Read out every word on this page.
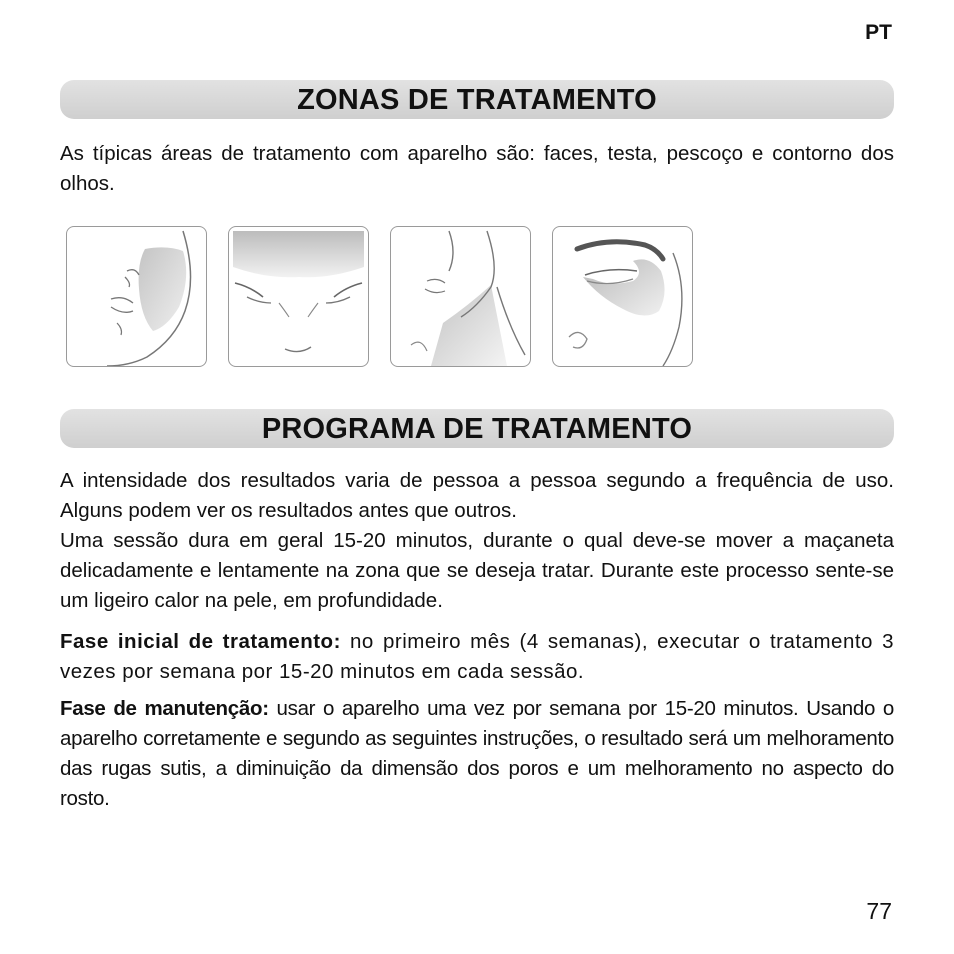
PT
ZONAS DE TRATAMENTO

As típicas áreas de tratamento com aparelho são: faces, testa, pescoço e contorno dos olhos.

PROGRAMA DE TRATAMENTO

A intensidade dos resultados varia de pessoa a pessoa segundo a frequência de uso. Alguns podem ver os resultados antes que outros.
Uma sessão dura em geral 15-20 minutos, durante o qual deve-se mover a maçaneta delicadamente e lentamente na zona que se deseja tratar. Durante este processo sente-se um ligeiro calor na pele, em profundidade.

Fase inicial de tratamento: no primeiro mês (4 semanas), executar o tratamento 3 vezes por semana por 15-20 minutos em cada sessão.

Fase de manutenção: usar o aparelho uma vez por semana por 15-20 minutos. Usando o aparelho corretamente e segundo as seguintes instruções, o resultado será um melhoramento das rugas sutis, a diminuição da dimensão dos poros e um melhoramento no aspecto do rosto.

77
